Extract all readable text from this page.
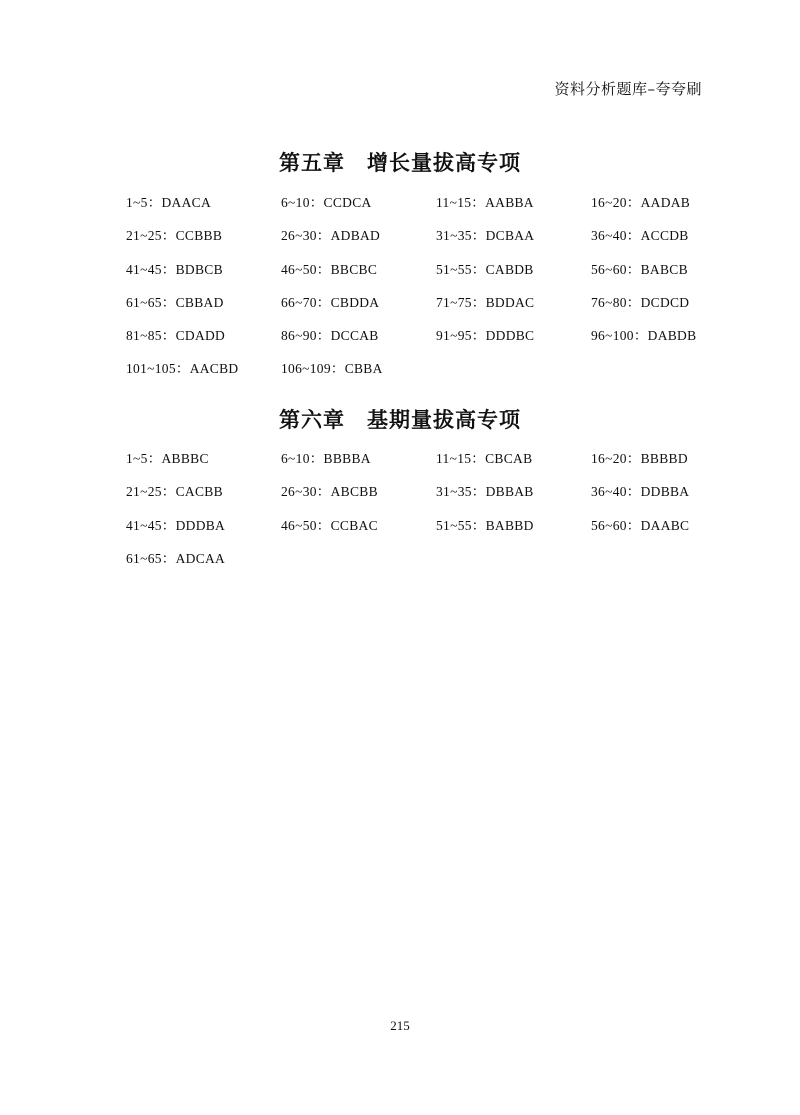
资料分析题库–夸夸刷
第五章　增长量拔高专项
1~5：DAACA	6~10：CCDCA	11~15：AABBA	16~20：AADAB
21~25：CCBBB	26~30：ADBAD	31~35：DCBAA	36~40：ACCDB
41~45：BDBCB	46~50：BBCBC	51~55：CABDB	56~60：BABCB
61~65：CBBAD	66~70：CBDDA	71~75：BDDAC	76~80：DCDCD
81~85：CDADD	86~90：DCCAB	91~95：DDDBC	96~100：DABDB
101~105：AACBD	106~109：CBBA
第六章　基期量拔高专项
1~5：ABBBC	6~10：BBBBA	11~15：CBCAB	16~20：BBBBD
21~25：CACBB	26~30：ABCBB	31~35：DBBAB	36~40：DDBBA
41~45：DDDBA	46~50：CCBAC	51~55：BABBD	56~60：DAABC
61~65：ADCAA
215
